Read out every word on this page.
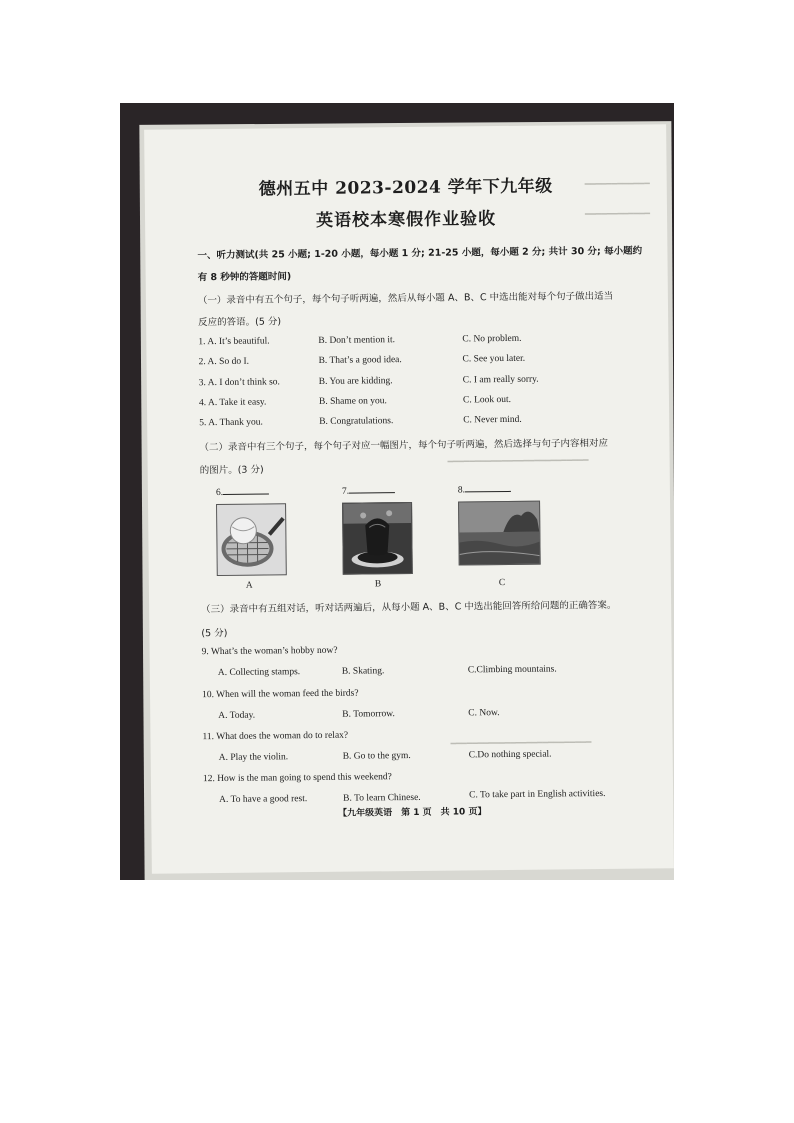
━━━━━━━━━━━━
━━━━━━━━━━━━
━━━━━━━━━━━━━━━━━━━━━━━━━━
━━━━━━━━━━━━━━━━━━━━━━━━━━
德州五中 2023-2024 学年下九年级
英语校本寒假作业验收
一、听力测试(共 25 小题; 1-20 小题，每小题 1 分; 21-25 小题，每小题 2 分; 共计 30 分; 每小题约
有 8 秒钟的答题时间)
（一）录音中有五个句子，每个句子听两遍，然后从每小题 A、B、C 中选出能对每个句子做出适当
反应的答语。(5 分)
1. A. It’s beautiful.	B. Don’t mention it.	C. No problem.
2. A. So do I.	B. That’s a good idea.	C. See you later.
3. A. I don’t think so.	B. You are kidding.	C. I am really sorry.
4. A. Take it easy.	B. Shame on you.	C. Look out.
5. A. Thank you.	B. Congratulations.	C. Never mind.
（二）录音中有三个句子，每个句子对应一幅图片，每个句子听两遍，然后选择与句子内容相对应
的图片。(3 分)
6.	7.	8.
A	B	C
（三）录音中有五组对话，听对话两遍后，从每小题 A、B、C 中选出能回答所给问题的正确答案。
(5 分)
9. What’s the woman’s hobby now?
A. Collecting stamps.	B. Skating.	C.Climbing mountains.
10. When will the woman feed the birds?
A. Today.	B. Tomorrow.	C. Now.
11. What does the woman do to relax?
A. Play the violin.	B. Go to the gym.	C.Do nothing special.
12. How is the man going to spend this weekend?
A. To have a good rest.	B. To learn Chinese.	C. To take part in English activities.
【九年级英语　第 1 页　共 10 页】
